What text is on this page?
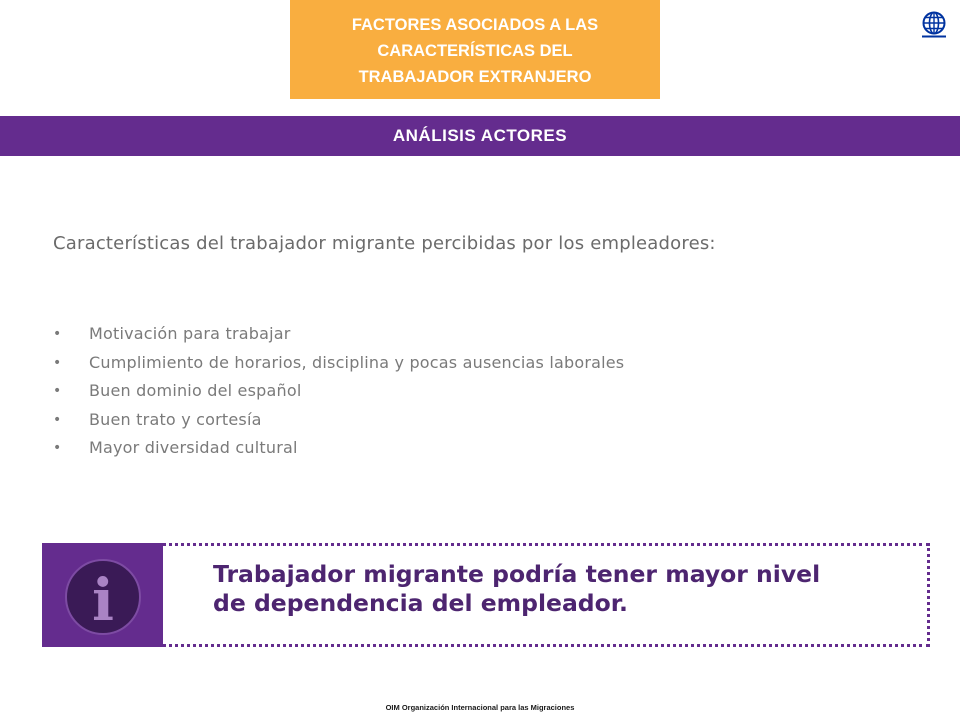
FACTORES ASOCIADOS A LAS
CARACTERÍSTICAS DEL
TRABAJADOR EXTRANJERO
ANÁLISIS ACTORES
Características del trabajador migrante percibidas por los empleadores:
• Motivación para trabajar
• Cumplimiento de horarios, disciplina y pocas ausencias laborales
• Buen dominio del español
• Buen trato y cortesía
• Mayor diversidad cultural
i	Trabajador migrante podría tener mayor nivel
de dependencia del empleador.
OIM Organización Internacional para las Migraciones
